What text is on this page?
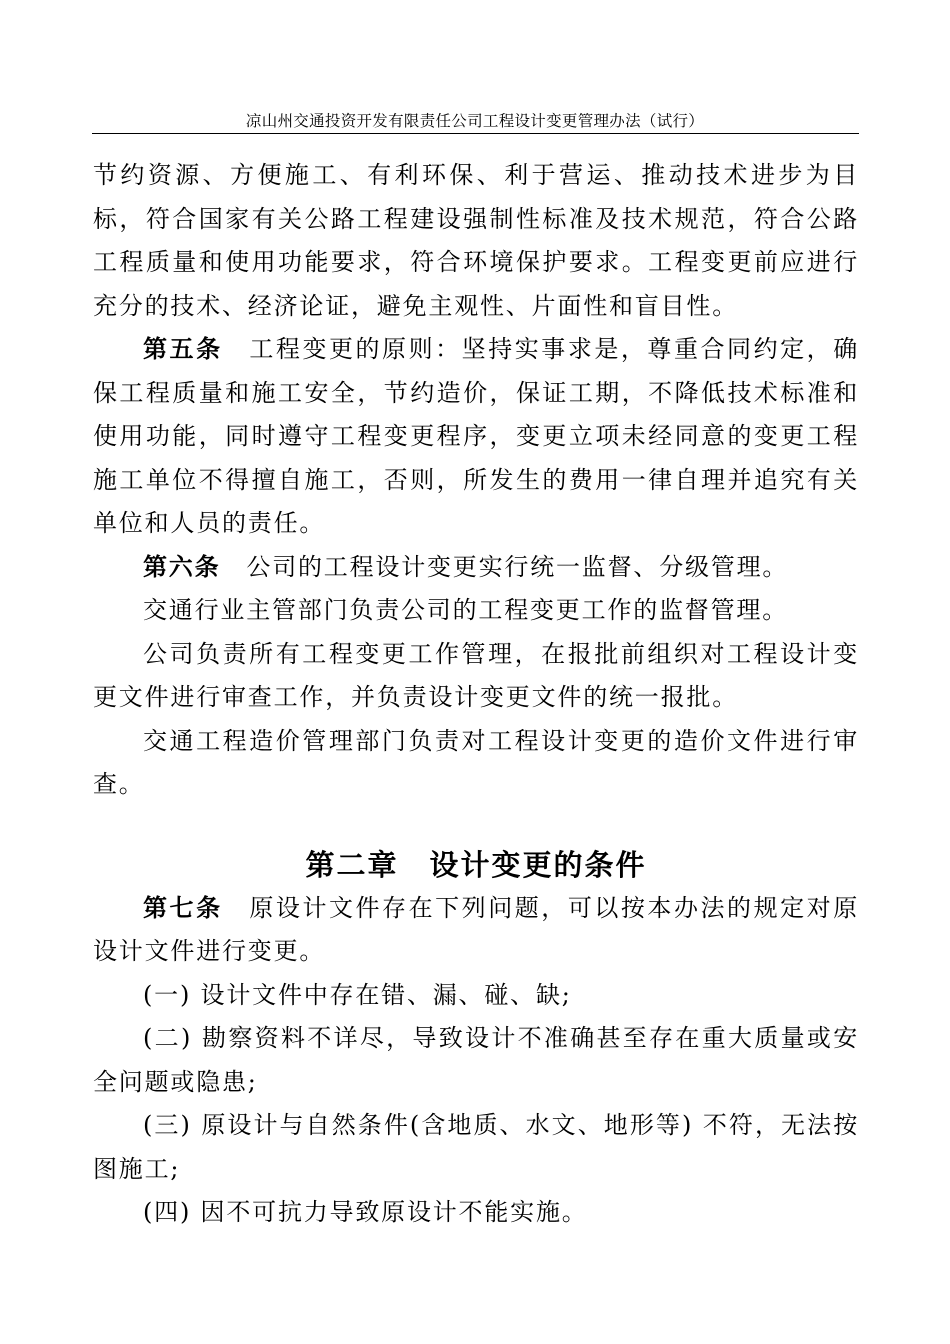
凉山州交通投资开发有限责任公司工程设计变更管理办法（试行）

节约资源、方便施工、有利环保、利于营运、推动技术进步为目标，符合国家有关公路工程建设强制性标准及技术规范，符合公路工程质量和使用功能要求，符合环境保护要求。工程变更前应进行充分的技术、经济论证，避免主观性、片面性和盲目性。

第五条 工程变更的原则：坚持实事求是，尊重合同约定，确保工程质量和施工安全，节约造价，保证工期，不降低技术标准和使用功能，同时遵守工程变更程序，变更立项未经同意的变更工程施工单位不得擅自施工，否则，所发生的费用一律自理并追究有关单位和人员的责任。

第六条 公司的工程设计变更实行统一监督、分级管理。

交通行业主管部门负责公司的工程变更工作的监督管理。

公司负责所有工程变更工作管理，在报批前组织对工程设计变更文件进行审查工作，并负责设计变更文件的统一报批。

交通工程造价管理部门负责对工程设计变更的造价文件进行审查。

第二章　设计变更的条件

第七条 原设计文件存在下列问题，可以按本办法的规定对原设计文件进行变更。

(一) 设计文件中存在错、漏、碰、缺;

(二) 勘察资料不详尽，导致设计不准确甚至存在重大质量或安全问题或隐患;

(三) 原设计与自然条件(含地质、水文、地形等) 不符，无法按图施工;

(四) 因不可抗力导致原设计不能实施。
